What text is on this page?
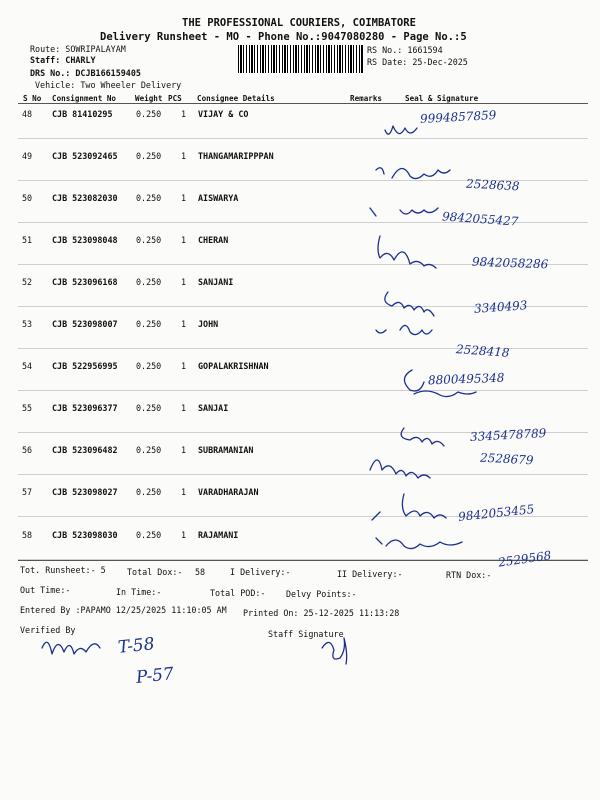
THE PROFESSIONAL COURIERS, COIMBATORE
Delivery Runsheet - MO - Phone No.:9047080280 - Page No.:5
Route: SOWRIPALAYAM
Staff: CHARLY
DRS No.: DCJB166159405
Vehicle: Two Wheeler Delivery
RS No.: 1661594
RS Date: 25-Dec-2025
S No Consignment No Weight PCS Consignee Details	Remarks	Seal & Signature
48 CJB 81410295	0.250 1 VIJAY & CO
49 CJB 523092465 0.250 1 THANGAMARIPPPAN
50 CJB 523082030 0.250 1 AISWARYA
51 CJB 523098048 0.250 1 CHERAN
52 CJB 523096168 0.250 1 SANJANI
53 CJB 523098007 0.250 1 JOHN
54 CJB 522956995 0.250 1 GOPALAKRISHNAN
55 CJB 523096377 0.250 1 SANJAI
56 CJB 523096482 0.250 1 SUBRAMANIAN
57 CJB 523098027 0.250 1 VARADHARAJAN
58 CJB 523098030 0.250 1 RAJAMANI
Tot. Runsheet:- 5	Total Dox:- 58	I Delivery:-	II Delivery:-	RTN Dox:-
Out Time:-	In Time:-	Total POD:- Delvy Points:-
Entered By :PAPAMO 12/25/2025 11:10:05 AM Printed On: 25-12-2025 11:13:28
Verified By	Staff Signature
9994857859
2528638
9842055427
9842058286
3340493
2528418
8800495348
3345478789
2528679
9842053455
2529568
T-58
P-57
